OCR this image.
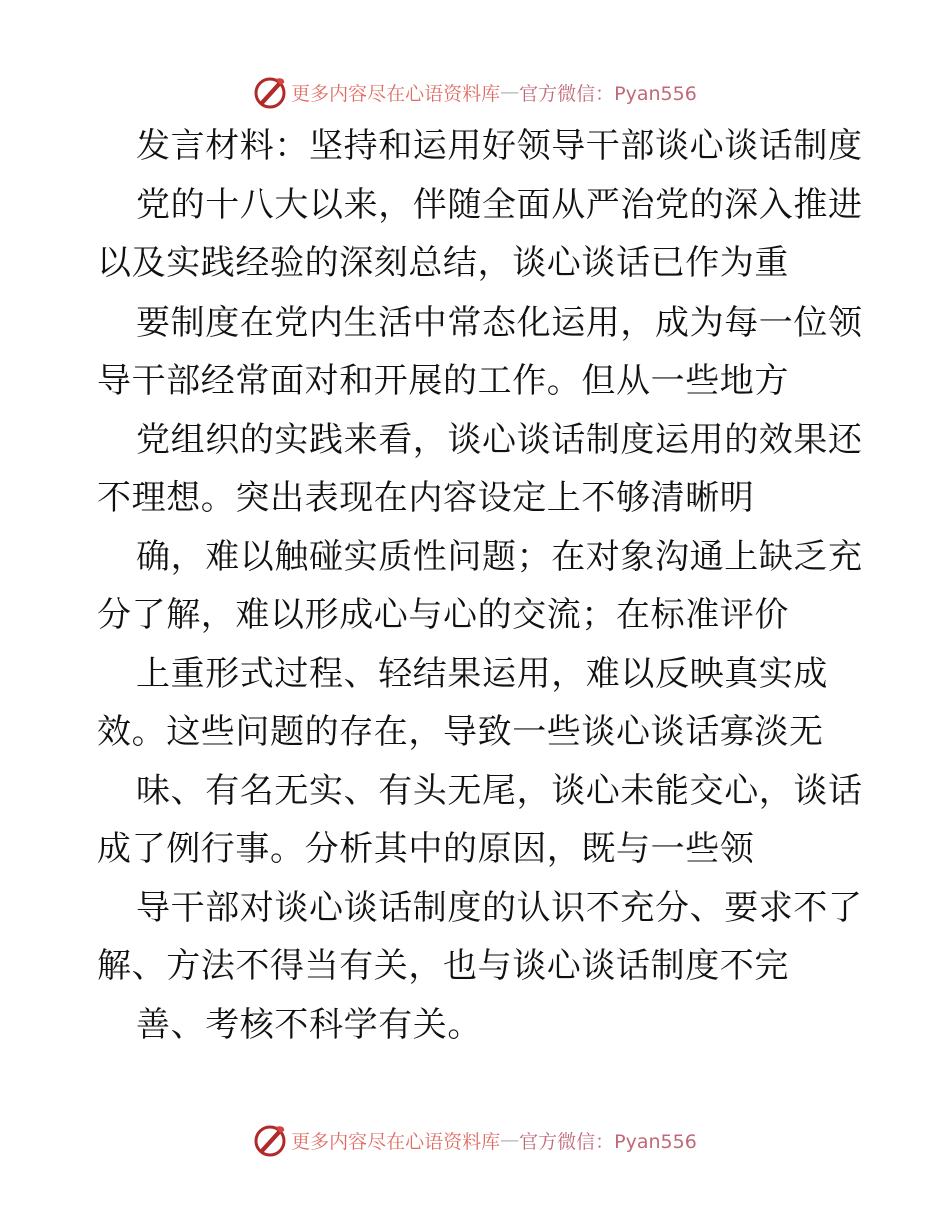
更多内容尽在心语资料库 — 官方微信：Pyan556
发言材料：坚持和运用好领导干部谈心谈话制度
党的十八大以来，伴随全面从严治党的深入推进
以及实践经验的深刻总结，谈心谈话已作为重
要制度在党内生活中常态化运用，成为每一位领
导干部经常面对和开展的工作。但从一些地方
党组织的实践来看，谈心谈话制度运用的效果还
不理想。突出表现在内容设定上不够清晰明
确，难以触碰实质性问题；在对象沟通上缺乏充
分了解，难以形成心与心的交流；在标准评价
上重形式过程、轻结果运用，难以反映真实成
效。这些问题的存在，导致一些谈心谈话寡淡无
味、有名无实、有头无尾，谈心未能交心，谈话
成了例行事。分析其中的原因，既与一些领
导干部对谈心谈话制度的认识不充分、要求不了
解、方法不得当有关，也与谈心谈话制度不完
善、考核不科学有关。
更多内容尽在心语资料库 — 官方微信：Pyan556
